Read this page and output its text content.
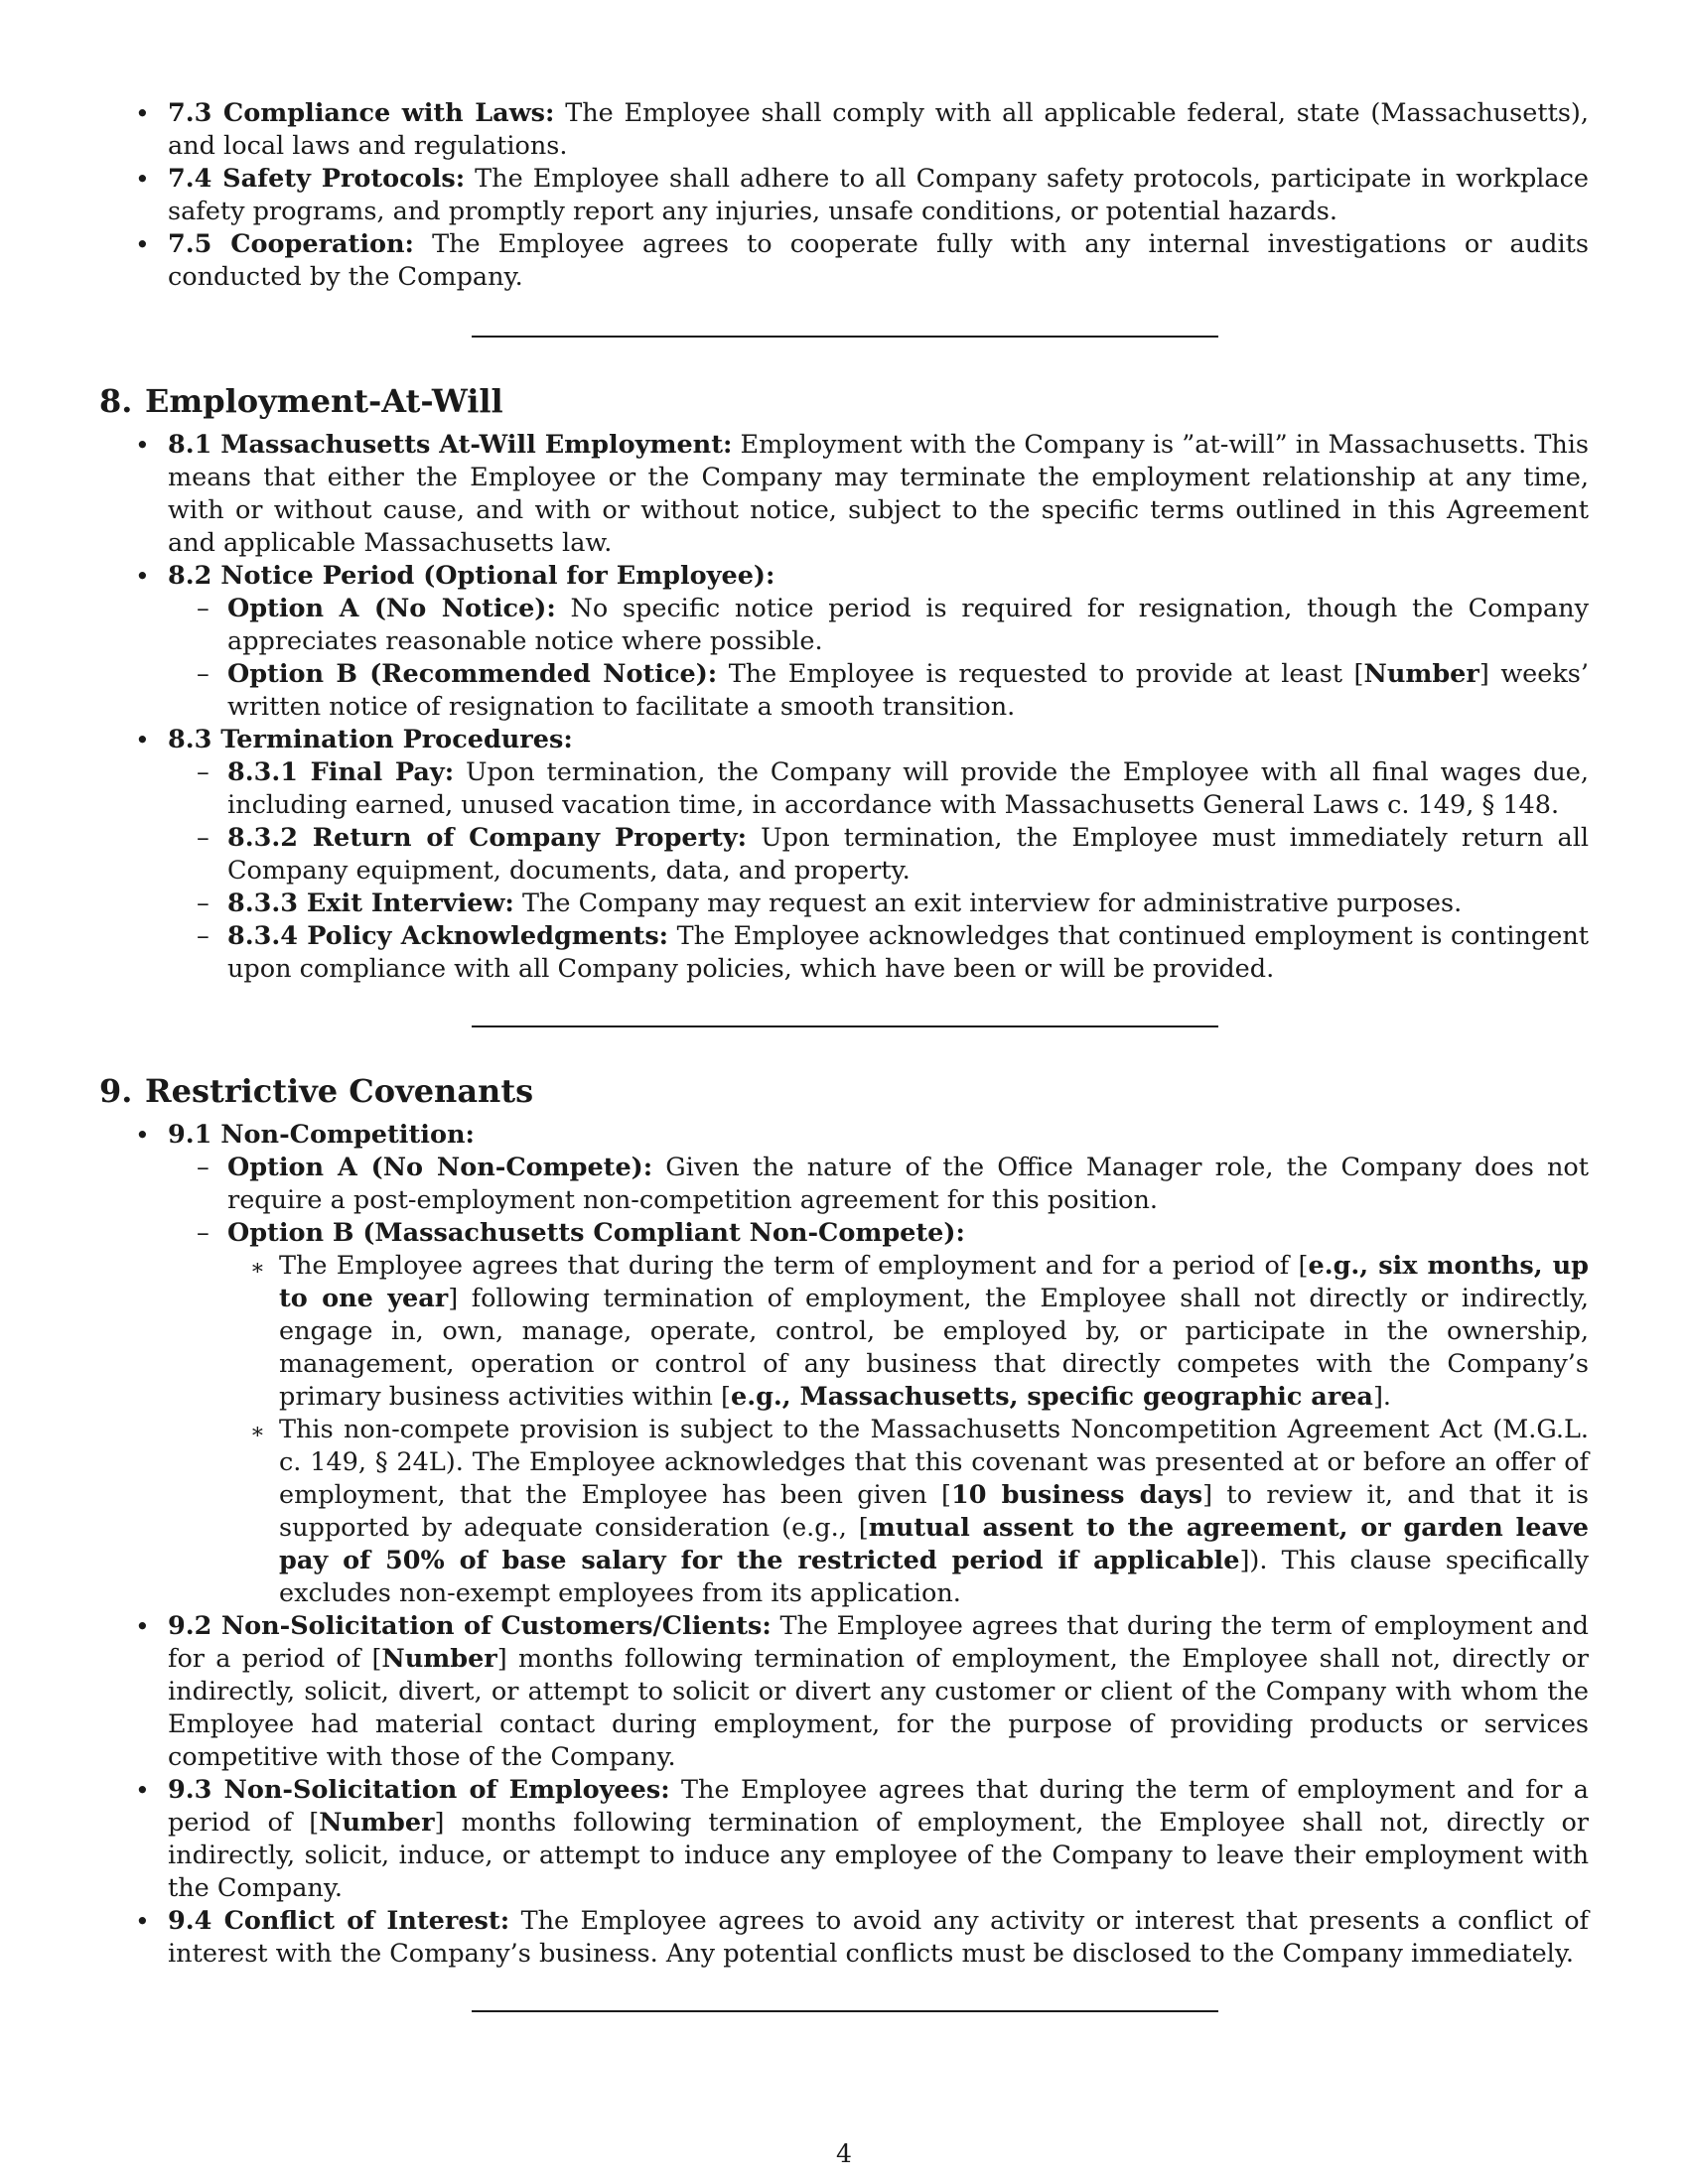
• 7.3 Compliance with Laws: The Employee shall comply with all applicable federal, state (Massachusetts), and local laws and regulations.
• 7.4 Safety Protocols: The Employee shall adhere to all Company safety protocols, participate in workplace safety programs, and promptly report any injuries, unsafe conditions, or potential hazards.
• 7.5 Cooperation: The Employee agrees to cooperate fully with any internal investigations or audits conducted by the Company.
8. Employment-At-Will
• 8.1 Massachusetts At-Will Employment: Employment with the Company is ”at-will” in Massachusetts. This means that either the Employee or the Company may terminate the employment relationship at any time, with or without cause, and with or without notice, subject to the specific terms outlined in this Agreement and applicable Massachusetts law.
• 8.2 Notice Period (Optional for Employee):
– Option A (No Notice): No specific notice period is required for resignation, though the Company appreciates reasonable notice where possible.
– Option B (Recommended Notice): The Employee is requested to provide at least [Number] weeks’ written notice of resignation to facilitate a smooth transition.
• 8.3 Termination Procedures:
– 8.3.1 Final Pay: Upon termination, the Company will provide the Employee with all final wages due, including earned, unused vacation time, in accordance with Massachusetts General Laws c. 149, § 148.
– 8.3.2 Return of Company Property: Upon termination, the Employee must immediately return all Company equipment, documents, data, and property.
– 8.3.3 Exit Interview: The Company may request an exit interview for administrative purposes.
– 8.3.4 Policy Acknowledgments: The Employee acknowledges that continued employment is contingent upon compliance with all Company policies, which have been or will be provided.
9. Restrictive Covenants
• 9.1 Non-Competition:
– Option A (No Non-Compete): Given the nature of the Office Manager role, the Company does not require a post-employment non-competition agreement for this position.
– Option B (Massachusetts Compliant Non-Compete):
∗ The Employee agrees that during the term of employment and for a period of [e.g., six months, up to one year] following termination of employment, the Employee shall not directly or indirectly, engage in, own, manage, operate, control, be employed by, or participate in the ownership, management, operation or control of any business that directly competes with the Company’s primary business activities within [e.g., Massachusetts, specific geographic area].
∗ This non-compete provision is subject to the Massachusetts Noncompetition Agreement Act (M.G.L. c. 149, § 24L). The Employee acknowledges that this covenant was presented at or before an offer of employment, that the Employee has been given [10 business days] to review it, and that it is supported by adequate consideration (e.g., [mutual assent to the agreement, or garden leave pay of 50% of base salary for the restricted period if applicable]). This clause specifically excludes non-exempt employees from its application.
• 9.2 Non-Solicitation of Customers/Clients: The Employee agrees that during the term of employment and for a period of [Number] months following termination of employment, the Employee shall not, directly or indirectly, solicit, divert, or attempt to solicit or divert any customer or client of the Company with whom the Employee had material contact during employment, for the purpose of providing products or services competitive with those of the Company.
• 9.3 Non-Solicitation of Employees: The Employee agrees that during the term of employment and for a period of [Number] months following termination of employment, the Employee shall not, directly or indirectly, solicit, induce, or attempt to induce any employee of the Company to leave their employment with the Company.
• 9.4 Conflict of Interest: The Employee agrees to avoid any activity or interest that presents a conflict of interest with the Company’s business. Any potential conflicts must be disclosed to the Company immediately.
4
